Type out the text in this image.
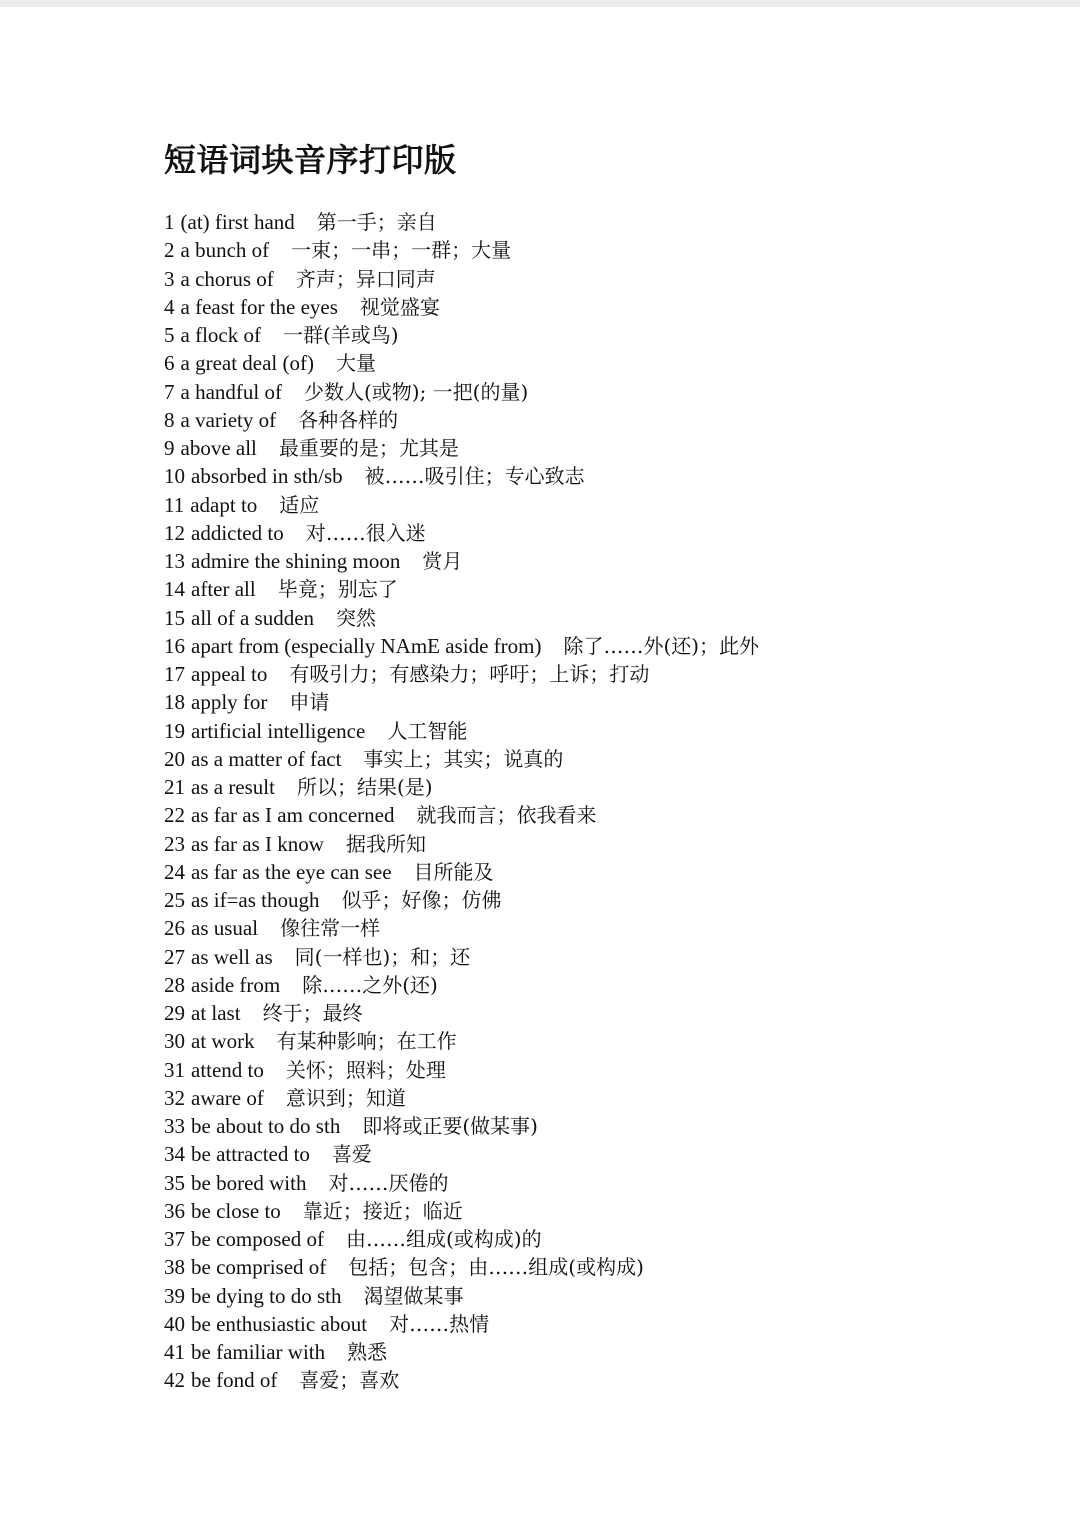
短语词块音序打印版
1 (at) first hand 第一手；亲自
2 a bunch of 一束；一串；一群；大量
3 a chorus of 齐声；异口同声
4 a feast for the eyes 视觉盛宴
5 a flock of 一群(羊或鸟)
6 a great deal (of) 大量
7 a handful of 少数人(或物); 一把(的量)
8 a variety of 各种各样的
9 above all 最重要的是；尤其是
10 absorbed in sth/sb 被……吸引住；专心致志
11 adapt to 适应
12 addicted to 对……很入迷
13 admire the shining moon 赏月
14 after all 毕竟；别忘了
15 all of a sudden 突然
16 apart from (especially NAmE aside from) 除了……外(还)；此外
17 appeal to 有吸引力；有感染力；呼吁；上诉；打动
18 apply for 申请
19 artificial intelligence 人工智能
20 as a matter of fact 事实上；其实；说真的
21 as a result 所以；结果(是)
22 as far as I am concerned 就我而言；依我看来
23 as far as I know 据我所知
24 as far as the eye can see 目所能及
25 as if=as though 似乎；好像；仿佛
26 as usual 像往常一样
27 as well as 同(一样也)；和；还
28 aside from 除……之外(还)
29 at last 终于；最终
30 at work 有某种影响；在工作
31 attend to 关怀；照料；处理
32 aware of 意识到；知道
33 be about to do sth 即将或正要(做某事)
34 be attracted to 喜爱
35 be bored with 对……厌倦的
36 be close to 靠近；接近；临近
37 be composed of 由……组成(或构成)的
38 be comprised of 包括；包含；由……组成(或构成)
39 be dying to do sth 渴望做某事
40 be enthusiastic about 对……热情
41 be familiar with 熟悉
42 be fond of 喜爱；喜欢
